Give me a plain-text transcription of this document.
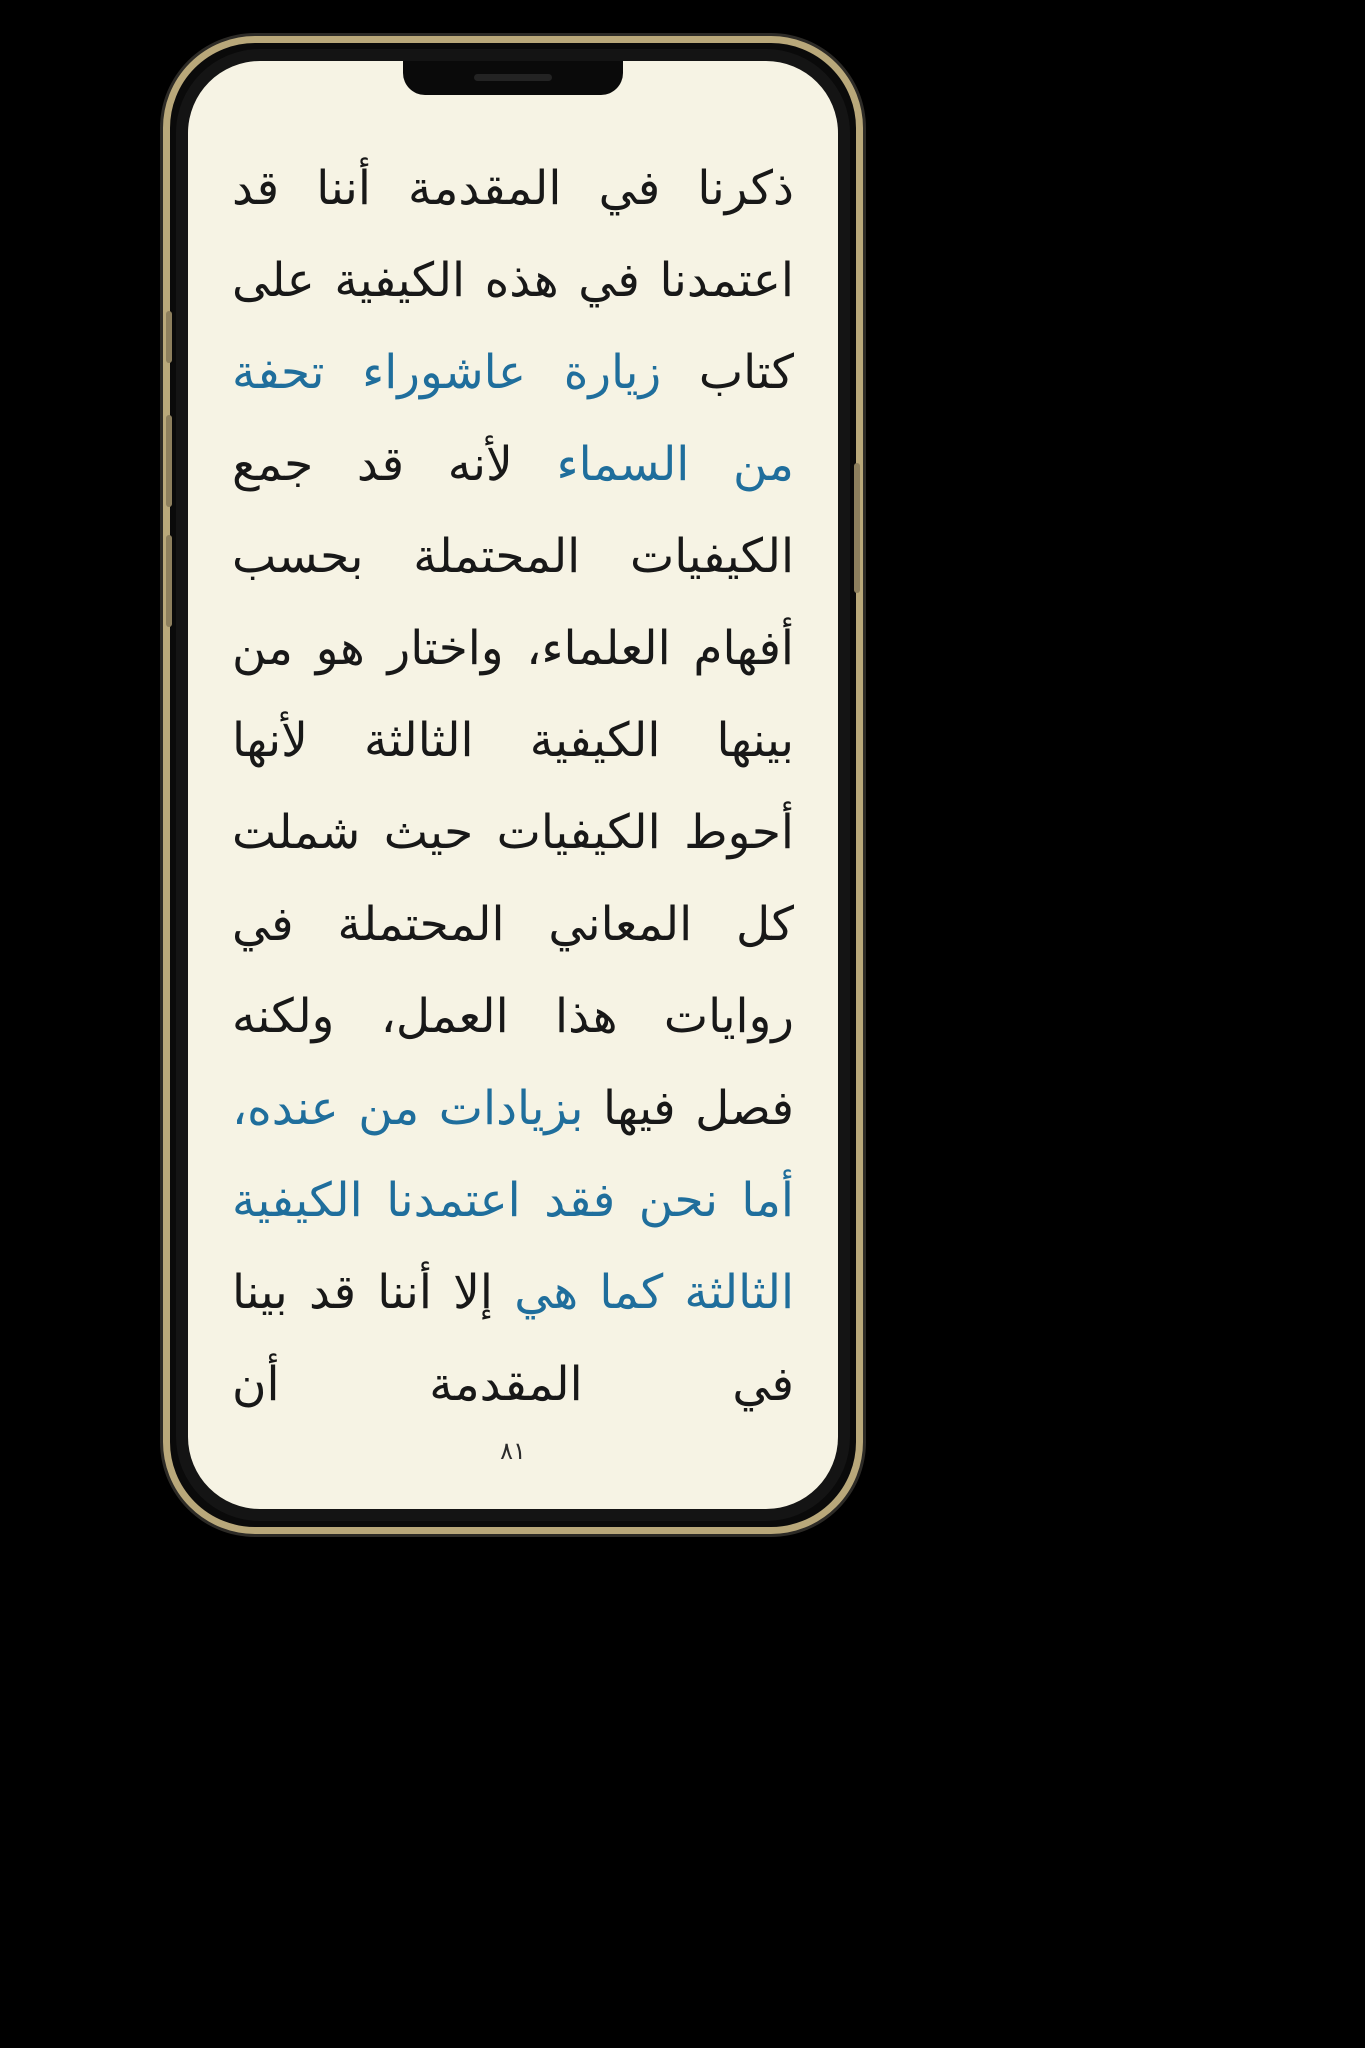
ذكرنا في المقدمة أننا قد اعتمدنا في هذه الكيفية على كتاب زيارة عاشوراء تحفة من السماء لأنه قد جمع الكيفيات المحتملة بحسب أفهام العلماء، واختار هو من بينها الكيفية الثالثة لأنها أحوط الكيفيات حيث شملت كل المعاني المحتملة في روايات هذا العمل، ولكنه فصل فيها بزيادات من عنده، أما نحن فقد اعتمدنا الكيفية الثالثة كما هي إلا أننا قد بينا في المقدمة أن
٨١
